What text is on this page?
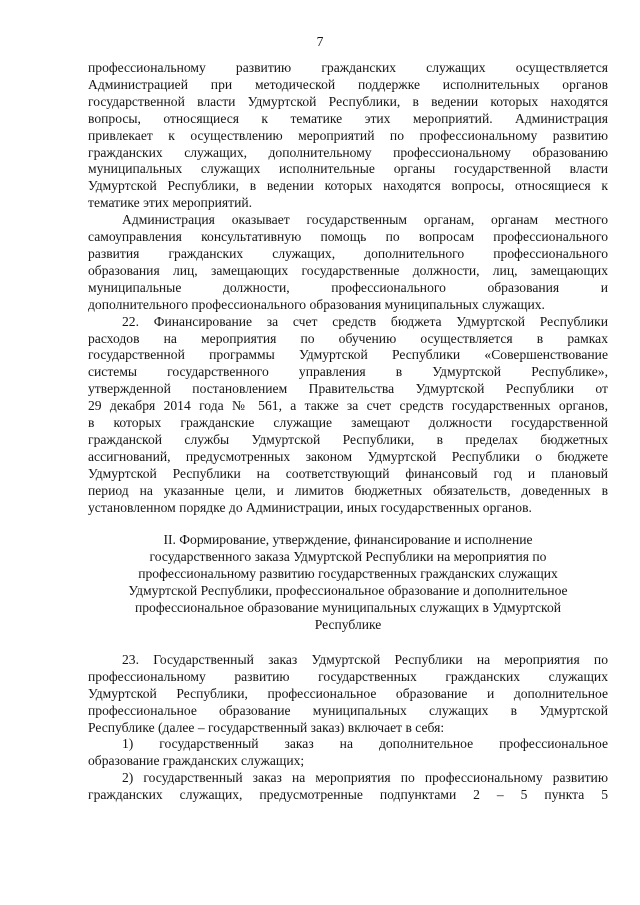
7

профессиональному развитию гражданских служащих осуществляется

Администрацией при методической поддержке исполнительных органов

государственной власти Удмуртской Республики, в ведении которых находятся

вопросы, относящиеся к тематике этих мероприятий. Администрация

привлекает к осуществлению мероприятий по профессиональному развитию

гражданских служащих, дополнительному профессиональному образованию

муниципальных служащих исполнительные органы государственной власти

Удмуртской Республики, в ведении которых находятся вопросы, относящиеся к

тематике этих мероприятий.

Администрация оказывает государственным органам, органам местного

самоуправления консультативную помощь по вопросам профессионального

развития гражданских служащих, дополнительного профессионального

образования лиц, замещающих государственные должности, лиц, замещающих

муниципальные должности, профессионального образования и

дополнительного профессионального образования муниципальных служащих.

22. Финансирование за счет средств бюджета Удмуртской Республики

расходов на мероприятия по обучению осуществляется в рамках

государственной программы Удмуртской Республики «Совершенствование

системы государственного управления в Удмуртской Республике»,

утвержденной постановлением Правительства Удмуртской Республики от

29 декабря 2014 года № 561, а также за счет средств государственных органов,

в которых гражданские служащие замещают должности государственной

гражданской службы Удмуртской Республики, в пределах бюджетных

ассигнований, предусмотренных законом Удмуртской Республики о бюджете

Удмуртской Республики на соответствующий финансовый год и плановый

период на указанные цели, и лимитов бюджетных обязательств, доведенных в

установленном порядке до Администрации, иных государственных органов.

II. Формирование, утверждение, финансирование и исполнение
государственного заказа Удмуртской Республики на мероприятия по
профессиональному развитию государственных гражданских служащих
Удмуртской Республики, профессиональное образование и дополнительное
профессиональное образование муниципальных служащих в Удмуртской
Республике

23. Государственный заказ Удмуртской Республики на мероприятия по

профессиональному развитию государственных гражданских служащих

Удмуртской Республики, профессиональное образование и дополнительное

профессиональное образование муниципальных служащих в Удмуртской

Республике (далее – государственный заказ) включает в себя:

1) государственный заказ на дополнительное профессиональное

образование гражданских служащих;

2) государственный заказ на мероприятия по профессиональному развитию

гражданских служащих, предусмотренные подпунктами 2 – 5 пункта 5
